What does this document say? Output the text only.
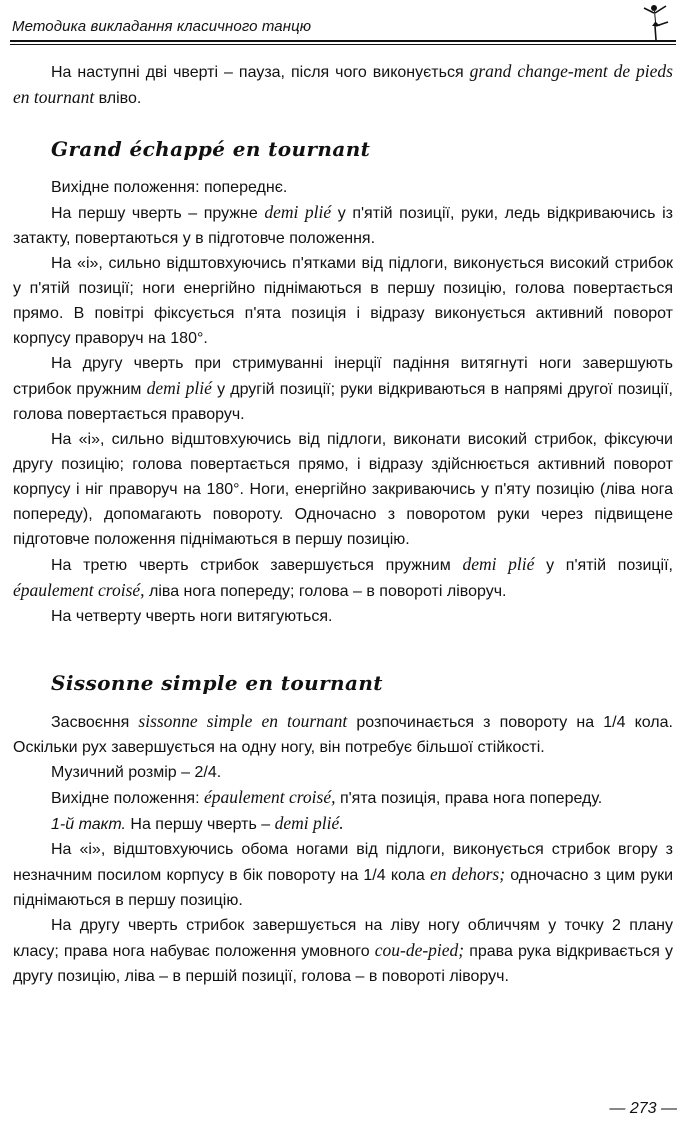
Методика викладання класичного танцю

На наступні дві чверті – пауза, після чого виконується grand change-ment de pieds en tournant вліво.

Grand échappé en tournant

Вихідне положення: попереднє.

На першу чверть – пружне demi plié у п'ятій позиції, руки, ледь відкриваючись із затакту, повертаються у в підготовче положення.

На «і», сильно відштовхуючись п'ятками від підлоги, виконується високий стрибок у п'ятій позиції; ноги енергійно піднімаються в першу позицію, голова повертається прямо. В повітрі фіксується п'ята позиція і відразу виконується активний поворот корпусу праворуч на 180°.

На другу чверть при стримуванні інерції падіння витягнуті ноги завершують стрибок пружним demi plié у другій позиції; руки відкриваються в напрямі другої позиції, голова повертається праворуч.

На «і», сильно відштовхуючись від підлоги, виконати високий стрибок, фіксуючи другу позицію; голова повертається прямо, і відразу здійснюється активний поворот корпусу і ніг праворуч на 180°. Ноги, енергійно закриваючись у п'яту позицію (ліва нога попереду), допомагають повороту. Одночасно з поворотом руки через підвищене підготовче положення піднімаються в першу позицію.

На третю чверть стрибок завершується пружним demi plié у п'ятій позиції, épaulement croisé, ліва нога попереду; голова – в повороті ліворуч.

На четверту чверть ноги витягуються.

Sissonne simple en tournant

Засвоєння sissonne simple en tournant розпочинається з повороту на 1/4 кола. Оскільки рух завершується на одну ногу, він потребує більшої стійкості.

Музичний розмір – 2/4.

Вихідне положення: épaulement croisé, п'ята позиція, права нога попереду.

1-й такт. На першу чверть – demi plié.

На «і», відштовхуючись обома ногами від підлоги, виконується стрибок вгору з незначним посилом корпусу в бік повороту на 1/4 кола en dehors; одночасно з цим руки піднімаються в першу позицію.

На другу чверть стрибок завершується на ліву ногу обличчям у точку 2 плану класу; права нога набуває положення умовного cou-de-pied; права рука відкривається у другу позицію, ліва – в першій позиції, голова – в повороті ліворуч.

— 273 —
